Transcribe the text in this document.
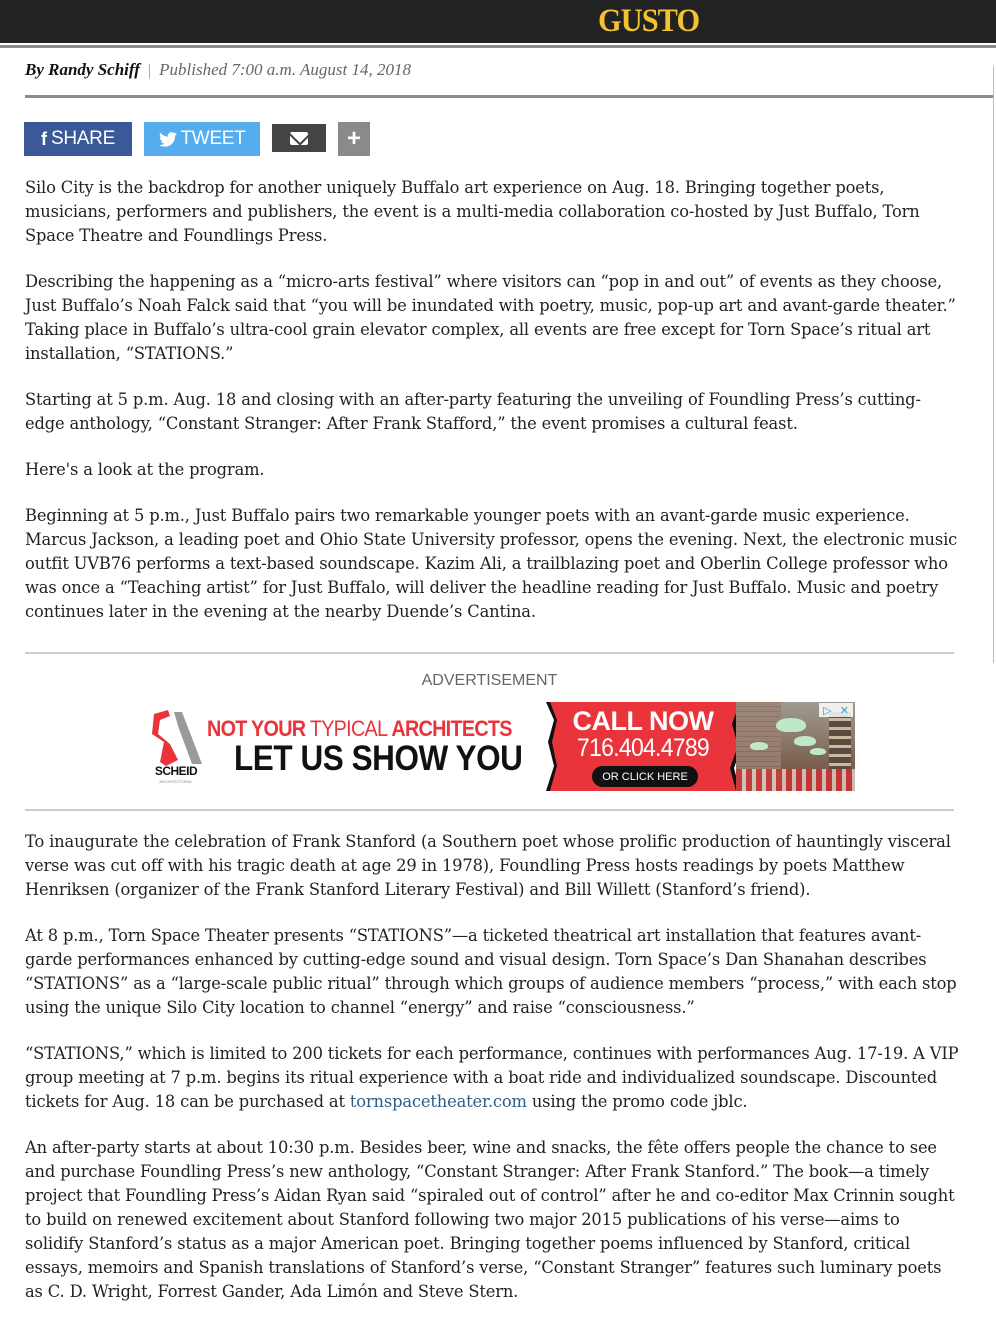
GUSTO
By Randy Schiff | Published 7:00 a.m. August 14, 2018
f SHARE	TWEET	+

Silo City is the backdrop for another uniquely Buffalo art experience on Aug. 18. Bringing together poets, musicians, performers and publishers, the event is a multi-media collaboration co-hosted by Just Buffalo, Torn Space Theatre and Foundlings Press.

Describing the happening as a “micro-arts festival” where visitors can “pop in and out” of events as they choose, Just Buffalo’s Noah Falck said that “you will be inundated with poetry, music, pop-up art and avant-garde theater.” Taking place in Buffalo’s ultra-cool grain elevator complex, all events are free except for Torn Space’s ritual art installation, “STATIONS.”

Starting at 5 p.m. Aug. 18 and closing with an after-party featuring the unveiling of Foundling Press’s cutting-edge anthology, “Constant Stranger: After Frank Stafford,” the event promises a cultural feast.

Here's a look at the program.

Beginning at 5 p.m., Just Buffalo pairs two remarkable younger poets with an avant-garde music experience. Marcus Jackson, a leading poet and Ohio State University professor, opens the evening. Next, the electronic music outfit UVB76 performs a text-based soundscape. Kazim Ali, a trailblazing poet and Oberlin College professor who was once a “Teaching artist” for Just Buffalo, will deliver the headline reading for Just Buffalo. Music and poetry continues later in the evening at the nearby Duende’s Cantina.

ADVERTISEMENT
SCHEID
ARCHITECTURAL
NOT YOUR TYPICAL ARCHITECTS
LET US SHOW YOU
CALL NOW
716.404.4789
OR CLICK HERE
▷ ✕

To inaugurate the celebration of Frank Stanford (a Southern poet whose prolific production of hauntingly visceral verse was cut off with his tragic death at age 29 in 1978), Foundling Press hosts readings by poets Matthew Henriksen (organizer of the Frank Stanford Literary Festival) and Bill Willett (Stanford’s friend).

At 8 p.m., Torn Space Theater presents “STATIONS”—a ticketed theatrical art installation that features avant-garde performances enhanced by cutting-edge sound and visual design. Torn Space’s Dan Shanahan describes “STATIONS” as a “large-scale public ritual” through which groups of audience members “process,” with each stop using the unique Silo City location to channel “energy” and raise “consciousness.”

“STATIONS,” which is limited to 200 tickets for each performance, continues with performances Aug. 17-19. A VIP group meeting at 7 p.m. begins its ritual experience with a boat ride and individualized soundscape. Discounted tickets for Aug. 18 can be purchased at tornspacetheater.com using the promo code jblc.

An after-party starts at about 10:30 p.m. Besides beer, wine and snacks, the fête offers people the chance to see and purchase Foundling Press’s new anthology, “Constant Stranger: After Frank Stanford.” The book—a timely project that Foundling Press’s Aidan Ryan said “spiraled out of control” after he and co-editor Max Crinnin sought to build on renewed excitement about Stanford following two major 2015 publications of his verse—aims to solidify Stanford’s status as a major American poet. Bringing together poems influenced by Stanford, critical essays, memoirs and Spanish translations of Stanford’s verse, “Constant Stranger” features such luminary poets as C. D. Wright, Forrest Gander, Ada Limón and Steve Stern.
